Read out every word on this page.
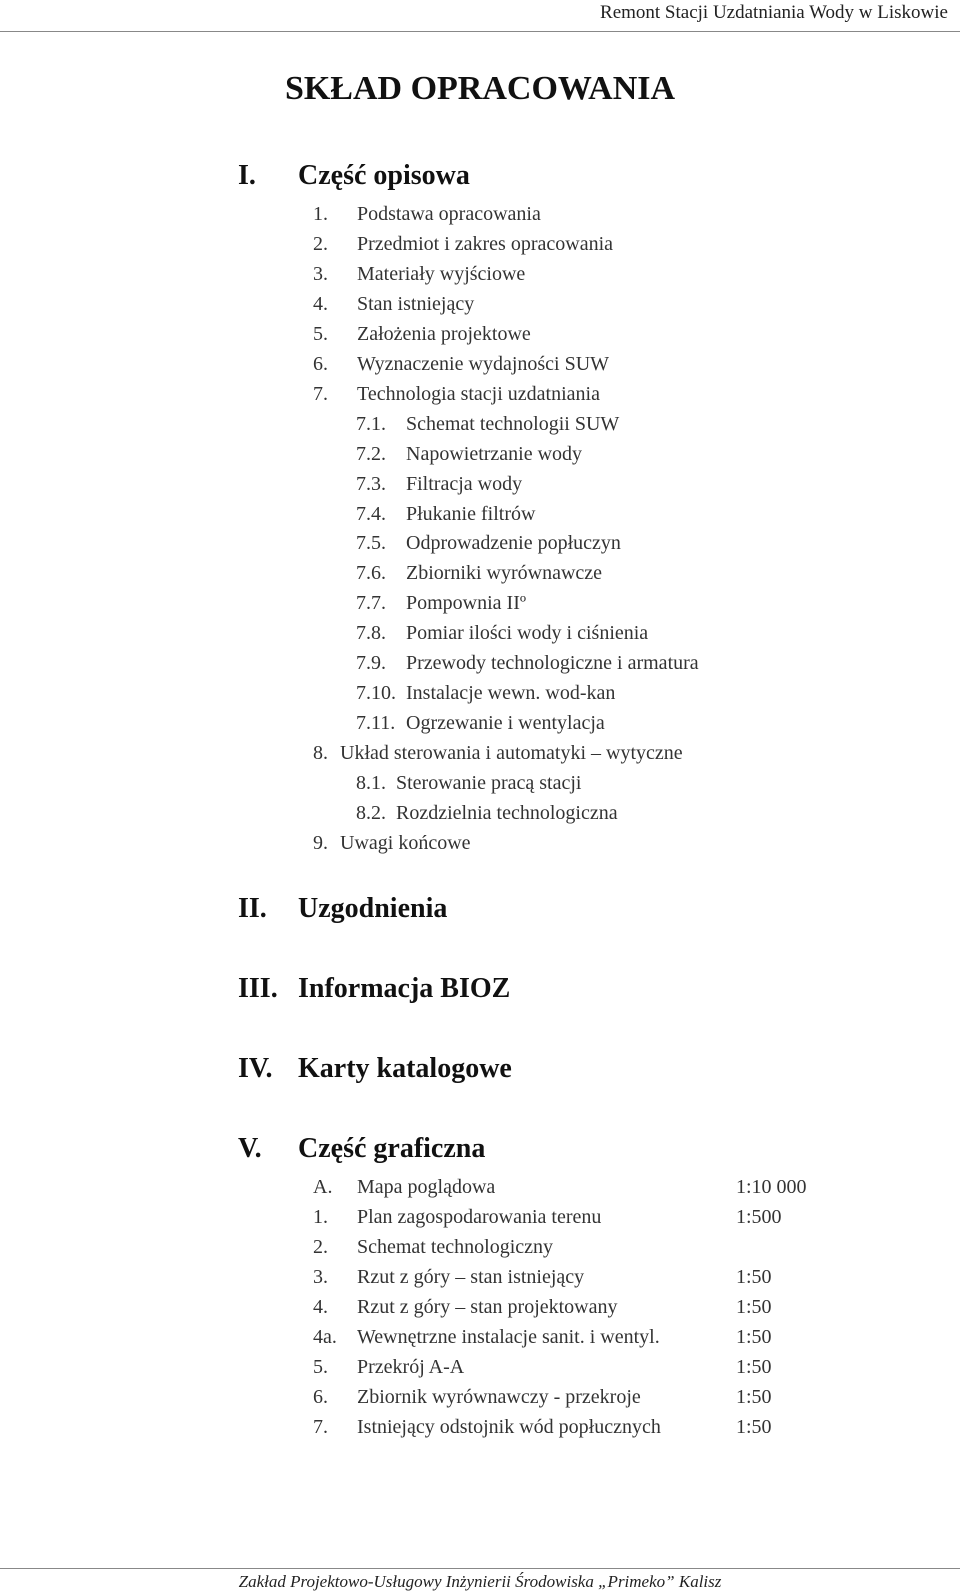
Remont Stacji Uzdatniania Wody w Liskowie
SKŁAD OPRACOWANIA
I. Część opisowa
1. Podstawa opracowania
2. Przedmiot i zakres opracowania
3. Materiały wyjściowe
4. Stan istniejący
5. Założenia projektowe
6. Wyznaczenie wydajności SUW
7. Technologia stacji uzdatniania
7.1. Schemat technologii SUW
7.2. Napowietrzanie wody
7.3. Filtracja wody
7.4. Płukanie filtrów
7.5. Odprowadzenie popłuczyn
7.6. Zbiorniki wyrównawcze
7.7. Pompownia IIº
7.8. Pomiar ilości wody i ciśnienia
7.9. Przewody technologiczne i armatura
7.10. Instalacje wewn. wod-kan
7.11. Ogrzewanie i wentylacja
8. Układ sterowania i automatyki – wytyczne
8.1. Sterowanie pracą stacji
8.2. Rozdzielnia technologiczna
9. Uwagi końcowe
II. Uzgodnienia
III. Informacja BIOZ
IV. Karty katalogowe
V. Część graficzna
A. Mapa poglądowa	1:10 000
1. Plan zagospodarowania terenu	1:500
2. Schemat technologiczny
3. Rzut z góry – stan istniejący	1:50
4. Rzut z góry – stan projektowany	1:50
4a. Wewnętrzne instalacje sanit. i wentyl.	1:50
5. Przekrój A-A	1:50
6. Zbiornik wyrównawczy - przekroje	1:50
7. Istniejący odstojnik wód popłucznych	1:50
Zakład Projektowo-Usługowy Inżynierii Środowiska „Primeko” Kalisz
